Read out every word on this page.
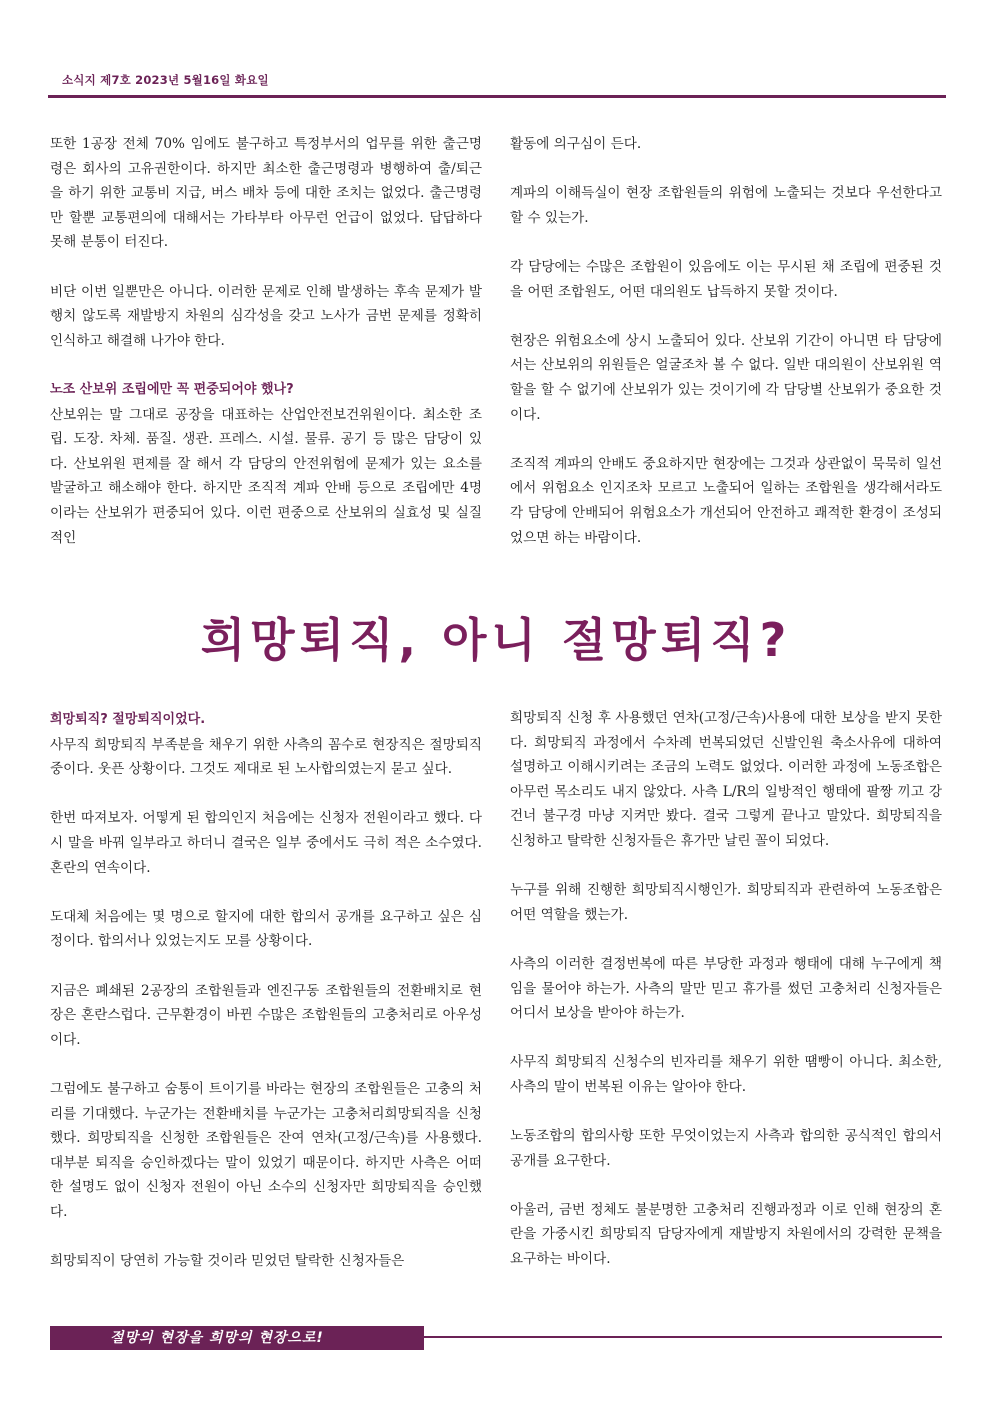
소식지 제7호 2023년 5월16일 화요일

또한 1공장 전체 70% 임에도 불구하고 특정부서의 업무를 위한 출근명령은 회사의 고유권한이다. 하지만 최소한 출근명령과 병행하여 출/퇴근을 하기 위한 교통비 지급, 버스 배차 등에 대한 조치는 없었다. 출근명령만 할뿐 교통편의에 대해서는 가타부타 아무런 언급이 없었다. 답답하다 못해 분통이 터진다.

비단 이번 일뿐만은 아니다. 이러한 문제로 인해 발생하는 후속 문제가 발행치 않도록 재발방지 차원의 심각성을 갖고 노사가 금번 문제를 정확히 인식하고 해결해 나가야 한다.

노조 산보위 조립에만 꼭 편중되어야 했나?

산보위는 말 그대로 공장을 대표하는 산업안전보건위원이다. 최소한 조립. 도장. 차체. 품질. 생관. 프레스. 시설. 물류. 공기 등 많은 담당이 있다. 산보위원 편제를 잘 해서 각 담당의 안전위험에 문제가 있는 요소를 발굴하고 해소해야 한다. 하지만 조직적 계파 안배 등으로 조립에만 4명이라는 산보위가 편중되어 있다. 이런 편중으로 산보위의 실효성 및 실질적인

활동에 의구심이 든다.

계파의 이해득실이 현장 조합원들의 위험에 노출되는 것보다 우선한다고 할 수 있는가.

각 담당에는 수많은 조합원이 있음에도 이는 무시된 채 조립에 편중된 것을 어떤 조합원도, 어떤 대의원도 납득하지 못할 것이다.

현장은 위험요소에 상시 노출되어 있다. 산보위 기간이 아니면 타 담당에서는 산보위의 위원들은 얼굴조차 볼 수 없다. 일반 대의원이 산보위원 역할을 할 수 없기에 산보위가 있는 것이기에 각 담당별 산보위가 중요한 것이다.

조직적 계파의 안배도 중요하지만 현장에는 그것과 상관없이 묵묵히 일선에서 위험요소 인지조차 모르고 노출되어 일하는 조합원을 생각해서라도 각 담당에 안배되어 위험요소가 개선되어 안전하고 쾌적한 환경이 조성되었으면 하는 바람이다.

희망퇴직, 아니 절망퇴직?
희망퇴직? 절망퇴직이었다.

사무직 희망퇴직 부족분을 채우기 위한 사측의 꼼수로 현장직은 절망퇴직중이다. 웃픈 상황이다. 그것도 제대로 된 노사합의였는지 묻고 싶다.

한번 따져보자. 어떻게 된 합의인지 처음에는 신청자 전원이라고 했다. 다시 말을 바꿔 일부라고 하더니 결국은 일부 중에서도 극히 적은 소수였다. 혼란의 연속이다.

도대체 처음에는 몇 명으로 할지에 대한 합의서 공개를 요구하고 싶은 심정이다. 합의서나 있었는지도 모를 상황이다.

지금은 폐쇄된 2공장의 조합원들과 엔진구동 조합원들의 전환배치로 현장은 혼란스럽다. 근무환경이 바뀐 수많은 조합원들의 고충처리로 아우성이다.

그럼에도 불구하고 숨통이 트이기를 바라는 현장의 조합원들은 고충의 처리를 기대했다. 누군가는 전환배치를 누군가는 고충처리희망퇴직을 신청했다. 희망퇴직을 신청한 조합원들은 잔여 연차(고정/근속)를 사용했다. 대부분 퇴직을 승인하겠다는 말이 있었기 때문이다. 하지만 사측은 어떠한 설명도 없이 신청자 전원이 아닌 소수의 신청자만 희망퇴직을 승인했다.

희망퇴직이 당연히 가능할 것이라 믿었던 탈락한 신청자들은

희망퇴직 신청 후 사용했던 연차(고정/근속)사용에 대한 보상을 받지 못한다. 희망퇴직 과정에서 수차례 번복되었던 신발인원 축소사유에 대하여 설명하고 이해시키려는 조금의 노력도 없었다. 이러한 과정에 노동조합은 아무런 목소리도 내지 않았다. 사측 L/R의 일방적인 행태에 팔짱 끼고 강 건너 불구경 마냥 지켜만 봤다. 결국 그렇게 끝나고 말았다. 희망퇴직을 신청하고 탈락한 신청자들은 휴가만 날린 꼴이 되었다.

누구를 위해 진행한 희망퇴직시행인가. 희망퇴직과 관련하여 노동조합은 어떤 역할을 했는가.

사측의 이러한 결정번복에 따른 부당한 과정과 행태에 대해 누구에게 책임을 물어야 하는가. 사측의 말만 믿고 휴가를 썼던 고충처리 신청자들은 어디서 보상을 받아야 하는가.

사무직 희망퇴직 신청수의 빈자리를 채우기 위한 땜빵이 아니다. 최소한, 사측의 말이 번복된 이유는 알아야 한다.

노동조합의 합의사항 또한 무엇이었는지 사측과 합의한 공식적인 합의서 공개를 요구한다.

아울러, 금번 정체도 불분명한 고충처리 진행과정과 이로 인해 현장의 혼란을 가중시킨 희망퇴직 담당자에게 재발방지 차원에서의 강력한 문책을 요구하는 바이다.

절망의 현장을 희망의 현장으로!
